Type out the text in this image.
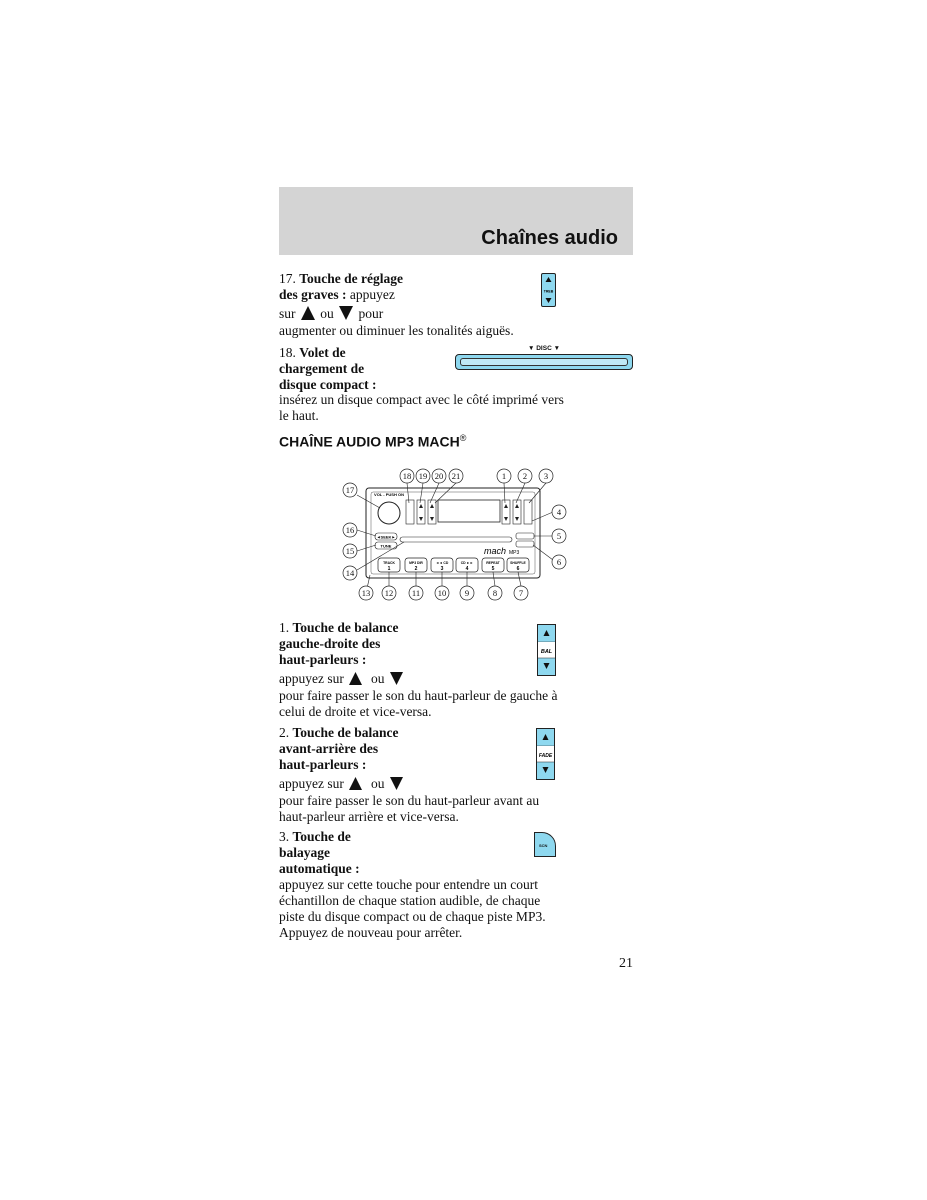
Chaînes audio
17. Touche de réglage
des graves : appuyez
sur ou pour
augmenter ou diminuer les tonalités aiguës.
TREB
18. Volet de
chargement de
disque compact :
insérez un disque compact avec le côté imprimé vers
le haut.
▼ DISC ▼
CHAÎNE AUDIO MP3 MACH®
VOL - PUSH ON
◄SEEK►
TUNE	mach MP3
TRACK
1
MP3 DIR
2
◄◄ CD
3
CD ►►
4
REPEAT
5
SHUFFLE
6
18 19 20 21	1 2 3
17
16
15
14
4
5
6
13 12 11 10 9	8	7
1. Touche de balance
gauche-droite des
haut-parleurs :
appuyez sur ou
pour faire passer le son du haut-parleur de gauche à
celui de droite et vice-versa.
BAL
2. Touche de balance
avant-arrière des
haut-parleurs :
appuyez sur ou
pour faire passer le son du haut-parleur avant au
haut-parleur arrière et vice-versa.
FADE
3. Touche de
balayage
automatique :
appuyez sur cette touche pour entendre un court
échantillon de chaque station audible, de chaque
piste du disque compact ou de chaque piste MP3.
Appuyez de nouveau pour arrêter.
SCN
21
